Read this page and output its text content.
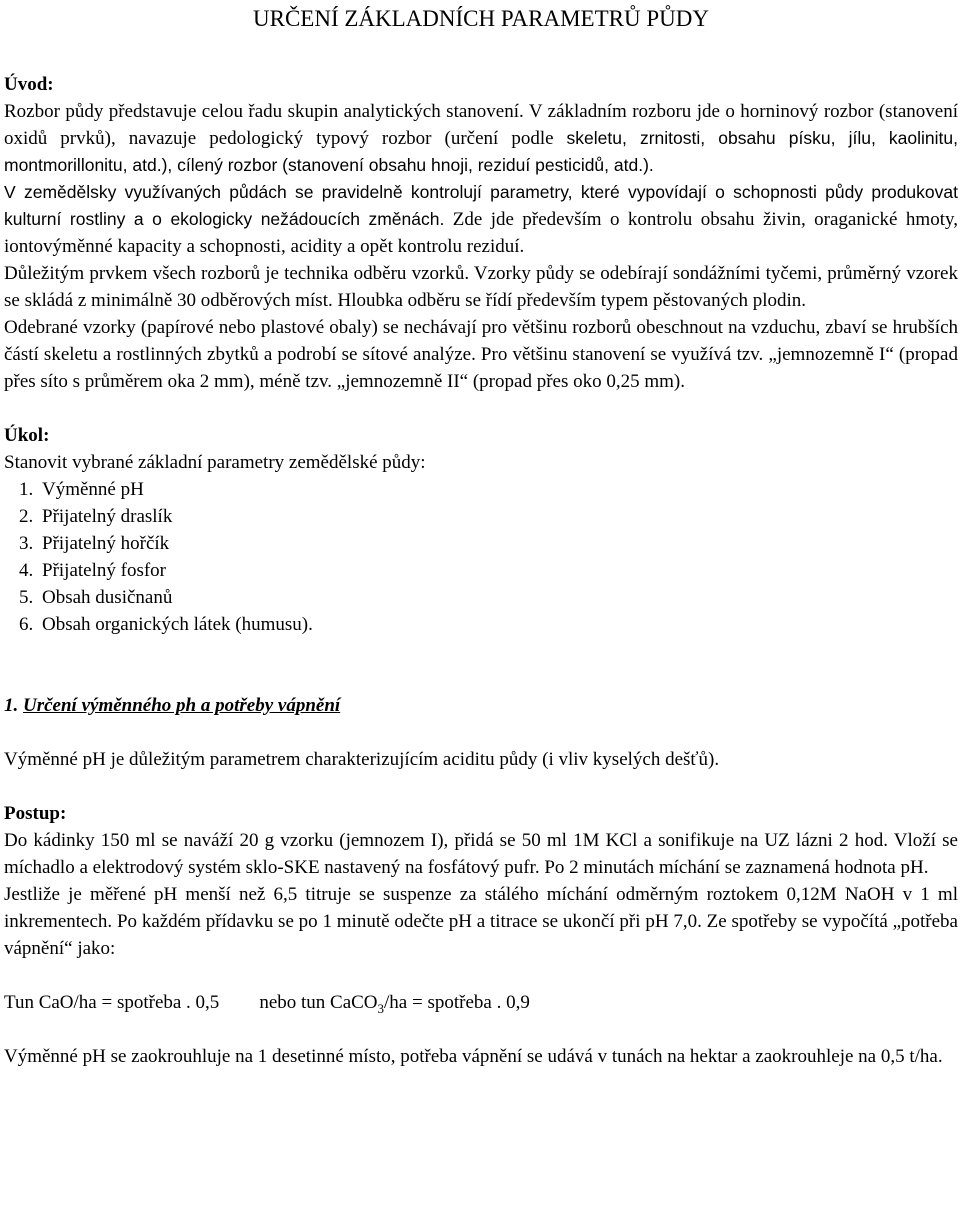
URČENÍ ZÁKLADNÍCH PARAMETRŮ PŮDY

Úvod:

Rozbor půdy představuje celou řadu skupin analytických stanovení. V základním rozboru jde o horninový rozbor (stanovení oxidů prvků), navazuje pedologický typový rozbor (určení podle skeletu, zrnitosti, obsahu písku, jílu, kaolinitu, montmorillonitu, atd.), cílený rozbor (stanovení obsahu hnoji, reziduí pesticidů, atd.).

V zemědělsky využívaných půdách se pravidelně kontrolují parametry, které vypovídají o schopnosti půdy produkovat kulturní rostliny a o ekologicky nežádoucích změnách. Zde jde především o kontrolu obsahu živin, oraganické hmoty, iontovýměnné kapacity a schopnosti, acidity a opět kontrolu reziduí.

Důležitým prvkem všech rozborů je technika odběru vzorků. Vzorky půdy se odebírají sondážními tyčemi, průměrný vzorek se skládá z minimálně 30 odběrových míst. Hloubka odběru se řídí především typem pěstovaných plodin.

Odebrané vzorky (papírové nebo plastové obaly) se nechávají pro většinu rozborů obeschnout na vzduchu, zbaví se hrubších částí skeletu a rostlinných zbytků a podrobí se sítové analýze. Pro většinu stanovení se využívá tzv. „jemnozemně I“ (propad přes síto s průměrem oka 2 mm), méně tzv. „jemnozemně II“ (propad přes oko 0,25 mm).

Úkol:

Stanovit vybrané základní parametry zemědělské půdy:

1. Výměnné pH
2. Přijatelný draslík
3. Přijatelný hořčík
4. Přijatelný fosfor
5. Obsah dusičnanů
6. Obsah organických látek (humusu).

1. Určení výměnného ph a potřeby vápnění

Výměnné pH je důležitým parametrem charakterizujícím aciditu půdy (i vliv kyselých dešťů).

Postup:

Do kádinky 150 ml se naváží 20 g vzorku (jemnozem I), přidá se 50 ml 1M KCl a sonifikuje na UZ lázni 2 hod. Vloží se míchadlo a elektrodový systém sklo-SKE nastavený na fosfátový pufr. Po 2 minutách míchání se zaznamená hodnota pH.

Jestliže je měřené pH menší než 6,5 titruje se suspenze za stálého míchání odměrným roztokem 0,12M NaOH v 1 ml inkrementech. Po každém přídavku se po 1 minutě odečte pH a titrace se ukončí při pH 7,0. Ze spotřeby se vypočítá „potřeba vápnění“ jako:

Tun CaO/ha = spotřeba . 0,5 nebo tun CaCO$_3$/ha = spotřeba . 0,9

Výměnné pH se zaokrouhluje na 1 desetinné místo, potřeba vápnění se udává v tunách na hektar a zaokrouhleje na 0,5 t/ha.
